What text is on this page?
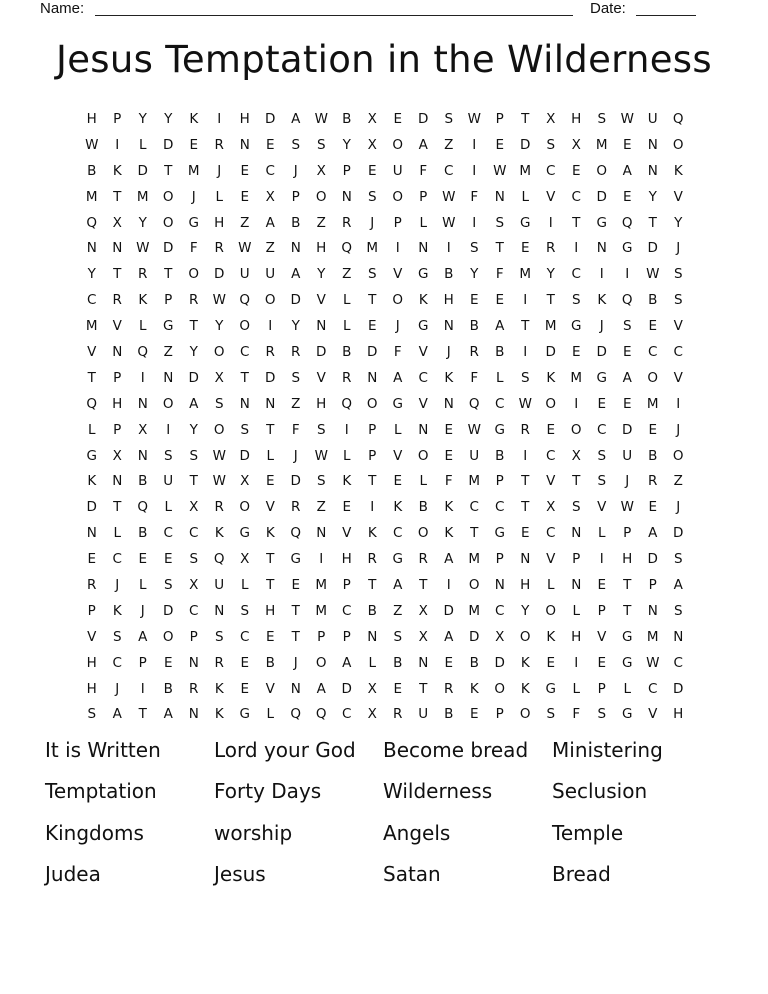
Name:	Date:
Jesus Temptation in the Wilderness
H	P	Y	Y	K	I	H	D	A	W	B	X	E	D	S	W	P	T	X	H	S	W	U	Q
W	I	L	D	E	R	N	E	S	S	Y	X	O	A	Z	I	E	D	S	X	M	E	N	O
B	K	D	T	M	J	E	C	J	X	P	E	U	F	C	I	W M	C	E	O	A	N	K
M	T	M	O	J	L	E	X	P	O	N	S	O	P	W	F	N	L	V	C	D	E	Y	V
Q	X	Y	O	G	H	Z	A	B	Z	R	J	P	L	W	I	S	G	I	T	G	Q	T	Y
N	N	W	D	F	R	W	Z	N	H	Q	M	I	N	I	S	T	E	R	I	N	G	D	J
Y	T	R	T	O	D	U	U	A	Y	Z	S	V	G	B	Y	F	M	Y	C	I	I	W	S
C	R	K	P	R	W	Q	O	D	V	L	T	O	K	H	E	E	I	T	S	K	Q	B	S
M	V	L	G	T	Y	O	I	Y	N	L	E	J	G	N	B	A	T	M	G	J	S	E	V
V	N	Q	Z	Y	O	C	R	R	D	B	D	F	V	J	R	B	I	D	E	D	E	C	C
T	P	I	N	D	X	T	D	S	V	R	N	A	C	K	F	L	S	K	M	G	A	O	V
Q	H	N	O	A	S	N	N	Z	H	Q	O	G	V	N	Q	C	W	O	I	E	E	M	I
L	P	X	I	Y	O	S	T	F	S	I	P	L	N	E	W	G	R	E	O	C	D	E	J
G	X	N	S	S	W	D	L	J	W	L	P	V	O	E	U	B	I	C	X	S	U	B	O
K	N	B	U	T	W	X	E	D	S	K	T	E	L	F	M	P	T	V	T	S	J	R	Z
D	T	Q	L	X	R	O	V	R	Z	E	I	K	B	K	C	C	T	X	S	V	W	E	J
N	L	B	C	C	K	G	K	Q	N	V	K	C	O	K	T	G	E	C	N	L	P	A	D
E	C	E	E	S	Q	X	T	G	I	H	R	G	R	A	M	P	N	V	P	I	H	D	S
R	J	L	S	X	U	L	T	E	M	P	T	A	T	I	O	N	H	L	N	E	T	P	A
P	K	J	D	C	N	S	H	T	M	C	B	Z	X	D	M	C	Y	O	L	P	T	N	S
V	S	A	O	P	S	C	E	T	P	P	N	S	X	A	D	X	O	K	H	V	G	M	N
H	C	P	E	N	R	E	B	J	O	A	L	B	N	E	B	D	K	E	I	E	G	W	C
H	J	I	B	R	K	E	V	N	A	D	X	E	T	R	K	O	K	G	L	P	L	C	D
S	A	T	A	N	K	G	L	Q	Q	C	X	R	U	B	E	P	O	S	F	S	G	V	H
It is Written	Lord your God	Become bread	Ministering
Temptation	Forty Days	Wilderness	Seclusion
Kingdoms	worship	Angels	Temple
Judea	Jesus	Satan	Bread
